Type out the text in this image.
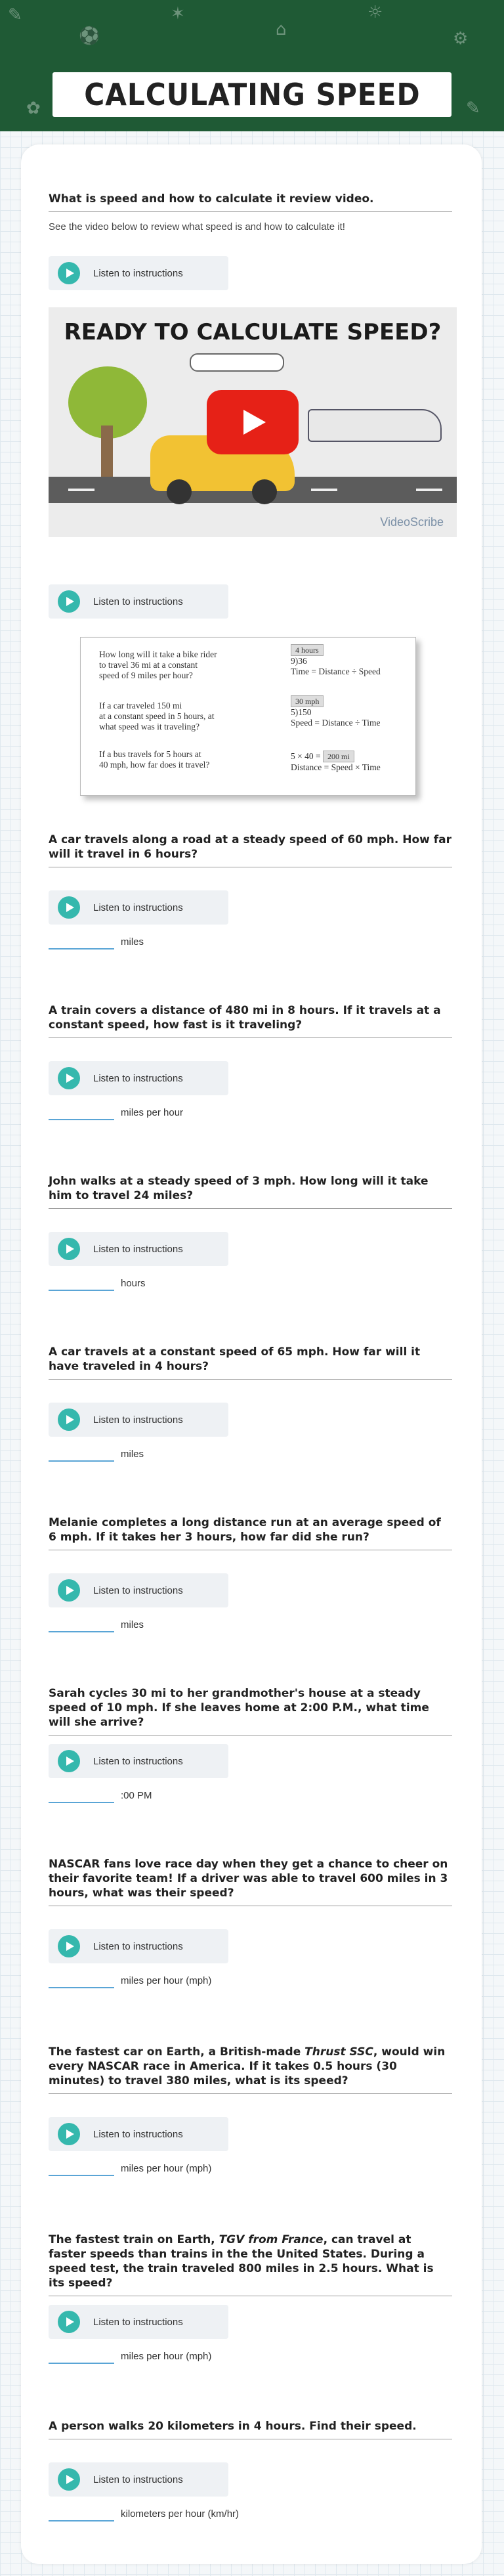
✎
⚽
✶
⌂
☼
⚙
✿	✎
CALCULATING SPEED

What is speed and how to calculate it review video.

See the video below to review what speed is and how to calculate it!
Listen to instructions
READY TO CALCULATE SPEED?
VideoScribe
Listen to instructions
How long will it take a bike rider
to travel 36 mi at a constant
speed of 9 miles per hour?
If a car traveled 150 mi
at a constant speed in 5 hours, at
what speed was it traveling?
If a bus travels for 5 hours at
40 mph, how far does it travel?
4 hours
9)36
Time = Distance ÷ Speed
30 mph
5)150
Speed = Distance ÷ Time
5 × 40 = 200 mi
Distance = Speed × Time

A car travels along a road at a steady speed of 60 mph. How far will it travel in 6 hours?

Listen to instructions
miles

A train covers a distance of 480 mi in 8 hours. If it travels at a constant speed, how fast is it traveling?

Listen to instructions
miles per hour

John walks at a steady speed of 3 mph. How long will it take him to travel 24 miles?

Listen to instructions
hours

A car travels at a constant speed of 65 mph. How far will it have traveled in 4 hours?

Listen to instructions
miles

Melanie completes a long distance run at an average speed of 6 mph. If it takes her 3 hours, how far did she run?

Listen to instructions
miles

Sarah cycles 30 mi to her grandmother's house at a steady speed of 10 mph. If she leaves home at 2:00 P.M., what time will she arrive?

Listen to instructions
:00 PM

NASCAR fans love race day when they get a chance to cheer on their favorite team! If a driver was able to travel 600 miles in 3 hours, what was their speed?

Listen to instructions
miles per hour (mph)

The fastest car on Earth, a British-made Thrust SSC, would win every NASCAR race in America. If it takes 0.5 hours (30 minutes) to travel 380 miles, what is its speed?

Listen to instructions
miles per hour (mph)

The fastest train on Earth, TGV from France, can travel at faster speeds than trains in the the United States. During a speed test, the train traveled 800 miles in 2.5 hours. What is its speed?

Listen to instructions
miles per hour (mph)

A person walks 20 kilometers in 4 hours. Find their speed.

Listen to instructions
kilometers per hour (km/hr)
